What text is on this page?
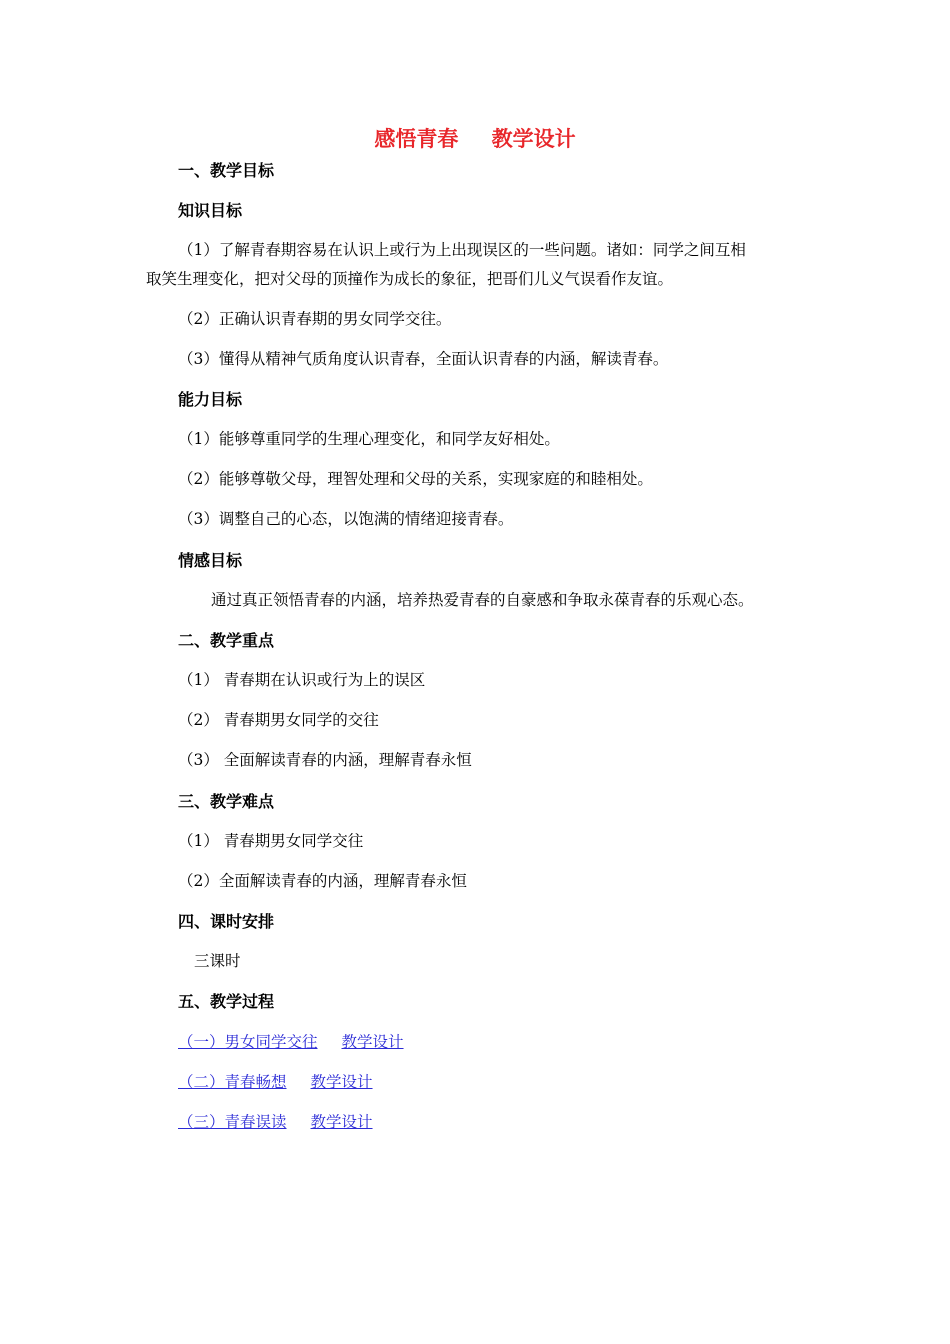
感悟青春 教学设计
一、教学目标
知识目标
（1）了解青春期容易在认识上或行为上出现误区的一些问题。诸如：同学之间互相
取笑生理变化，把对父母的顶撞作为成长的象征，把哥们儿义气误看作友谊。
（2）正确认识青春期的男女同学交往。
（3）懂得从精神气质角度认识青春，全面认识青春的内涵，解读青春。
能力目标
（1）能够尊重同学的生理心理变化，和同学友好相处。
（2）能够尊敬父母，理智处理和父母的关系，实现家庭的和睦相处。
（3）调整自己的心态，以饱满的情绪迎接青春。
情感目标
通过真正领悟青春的内涵，培养热爱青春的自豪感和争取永葆青春的乐观心态。
二、教学重点
（1） 青春期在认识或行为上的误区
（2） 青春期男女同学的交往
（3） 全面解读青春的内涵，理解青春永恒
三、教学难点
（1） 青春期男女同学交往
（2）全面解读青春的内涵，理解青春永恒
四、课时安排
三课时
五、教学过程
（一）男女同学交往 教学设计
（二）青春畅想 教学设计
（三）青春误读 教学设计
